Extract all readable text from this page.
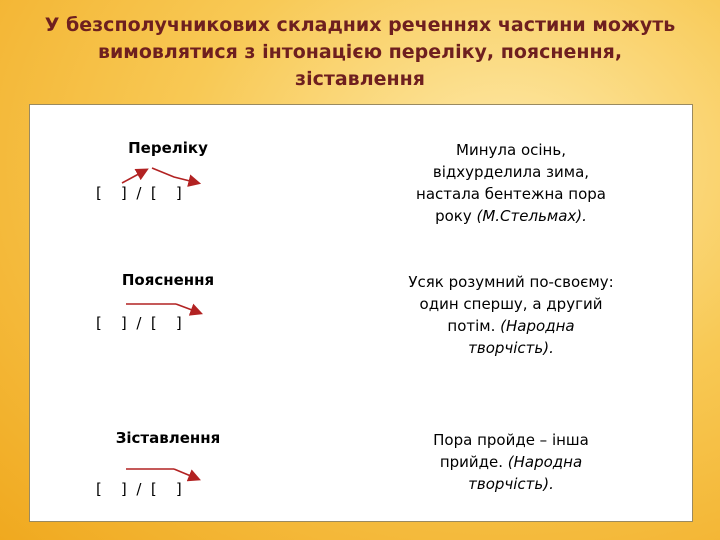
У безсполучникових складних реченнях частини можуть вимовлятися з інтонацією переліку, пояснення, зіставлення
Переліку
[    ]  /  [    ]
Минула осінь,
відхурделила зима,
настала бентежна пора
року (М.Стельмах).
Пояснення
[    ]  /  [    ]
Усяк розумний по-своєму:
один спершу, а другий
потім. (Народна
творчість).
Зіставлення
[    ]  /  [    ]
Пора пройде – інша
прийде. (Народна
творчість).
